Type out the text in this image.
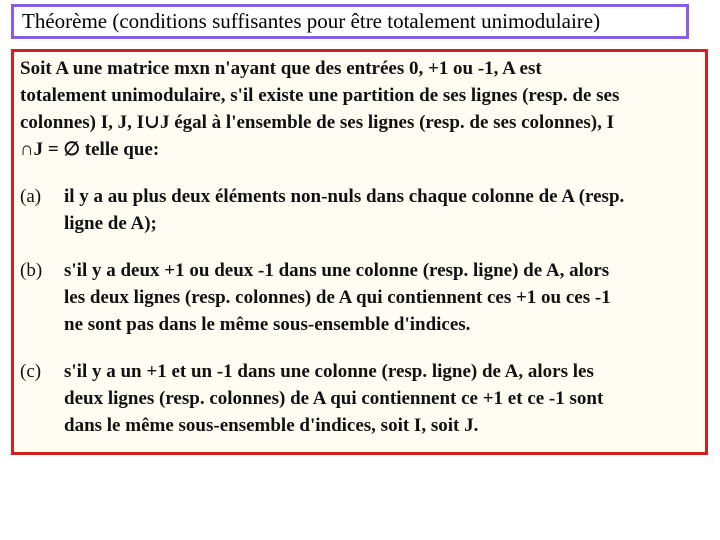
Théorème (conditions suffisantes pour être totalement unimodulaire)
Soit A une matrice mxn n'ayant que des entrées 0, +1 ou -1, A est
totalement unimodulaire, s'il existe une partition de ses lignes (resp. de ses
colonnes) I, J, I∪J égal à l'ensemble de ses lignes (resp. de ses colonnes), I
∩J = ∅ telle que:
(a)	il y a au plus deux éléments non-nuls dans chaque colonne de A (resp.
ligne de A);
(b)	s'il y a deux +1 ou deux -1 dans une colonne (resp. ligne) de A, alors
les deux lignes (resp. colonnes) de A qui contiennent ces +1 ou ces -1
ne sont pas dans le même sous-ensemble d'indices.
(c)	s'il y a un +1 et un -1 dans une colonne (resp. ligne) de A, alors les
deux lignes (resp. colonnes) de A qui contiennent ce +1 et ce -1 sont
dans le même sous-ensemble d'indices, soit I, soit J.
